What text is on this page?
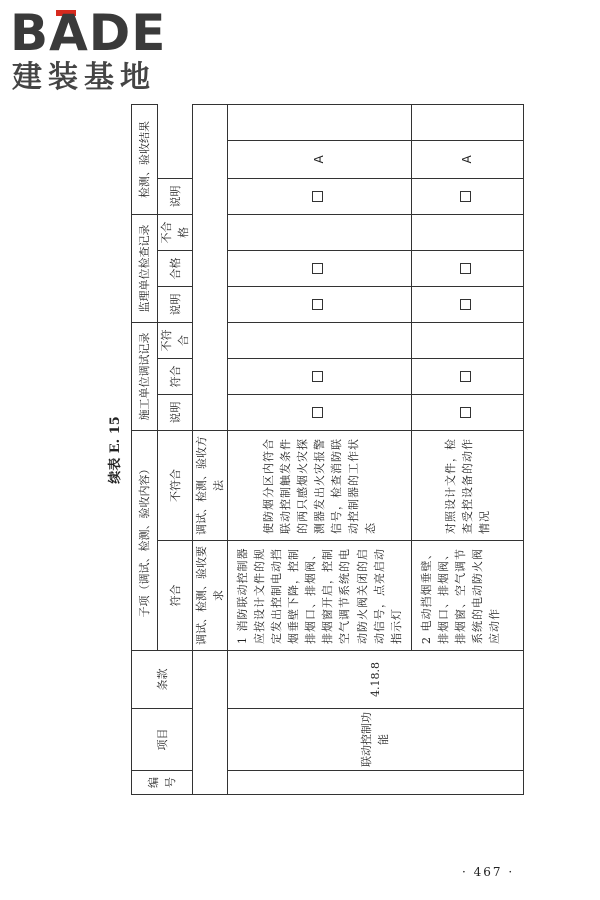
BADE
建装基地
续表 E. 15
编号	项目	条款	子项（调试、检测、验收内容）		施工单位调试记录			监理单位检查记录			检测、验收结果		

			符合	不符合	说明	符合	不符合	说明	合格	不合格	说明		
			调试、检测、验收要求	调试、检测、验收方法									
	联动控制功能	4.18.8	1 消防联动控制器应按设计文件的规定发出控制电动挡烟垂壁下降，控制排烟口、排烟阀、排烟窗开启，控制空气调节系统的电动防火阀关闭的启动信号，点亮启动指示灯	使防烟分区内符合联动控制触发条件的两只感烟火灾探测器发出火灾报警信号，检查消防联动控制器的工作状态								A	
			2 电动挡烟垂壁、排烟口、排烟阀、排烟窗、空气调节系统的电动防火阀应动作	对照设计文件，检查受控设备的动作情况								A	
· 467 ·
